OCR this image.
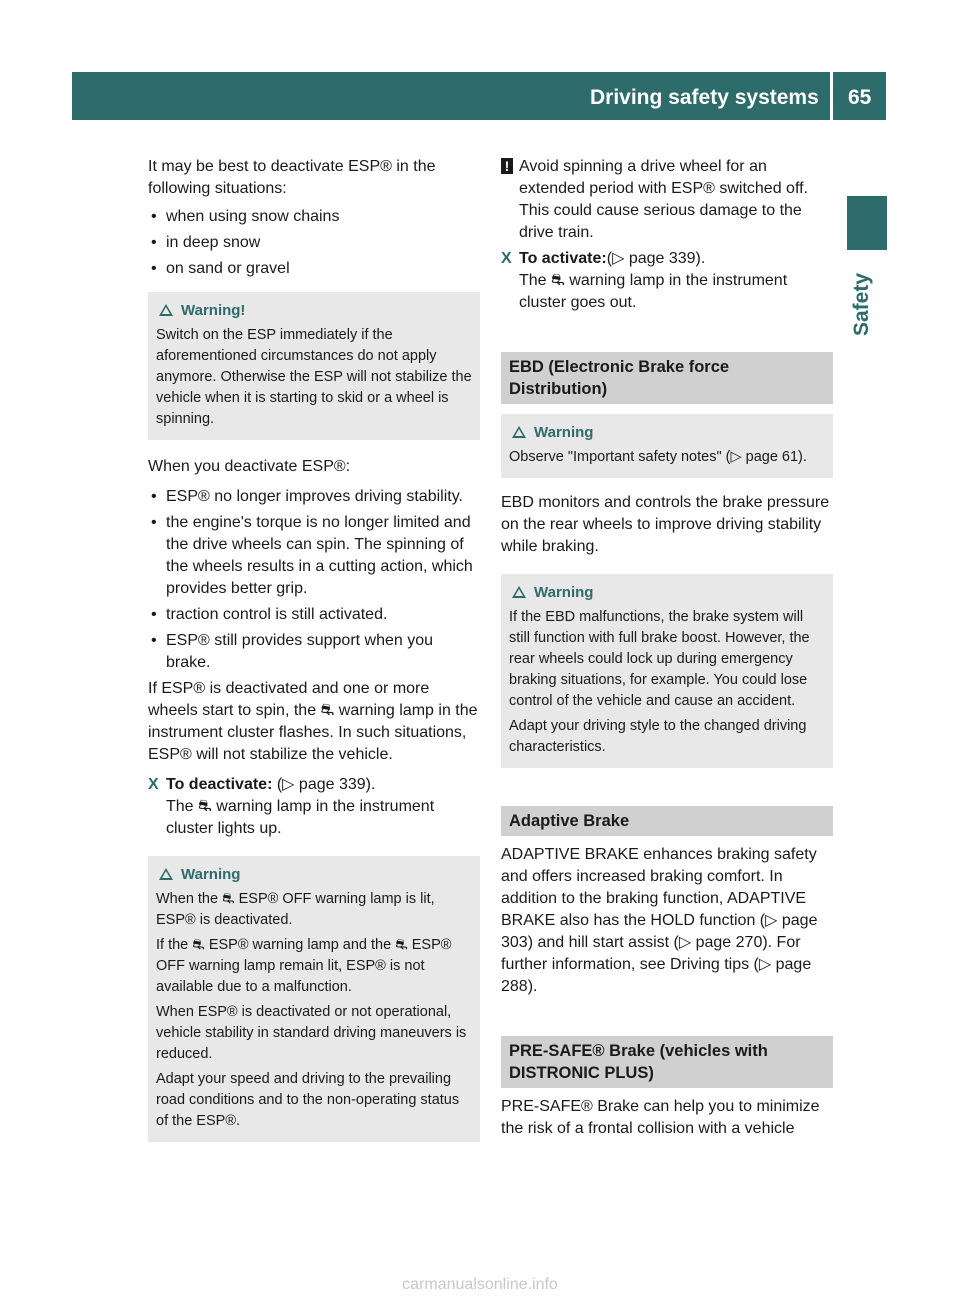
Driving safety systems 65
Safety

It may be best to deactivate ESP® in the following situations:

• when using snow chains

• in deep snow

• on sand or gravel

Warning!

Switch on the ESP immediately if the aforementioned circumstances do not apply anymore. Otherwise the ESP will not stabilize the vehicle when it is starting to skid or a wheel is spinning.

When you deactivate ESP®:

• ESP® no longer improves driving stability.

• the engine's torque is no longer limited and the drive wheels can spin. The spinning of the wheels results in a cutting action, which provides better grip.

• traction control is still activated.

• ESP® still provides support when you brake.

If ESP® is deactivated and one or more wheels start to spin, the ⛐ warning lamp in the instrument cluster flashes. In such situations, ESP® will not stabilize the vehicle.

X To deactivate: (▷ page 339).

The ⛐ warning lamp in the instrument cluster lights up.

Warning

When the ⛐ ESP® OFF warning lamp is lit, ESP® is deactivated.

If the ⛐ ESP® warning lamp and the ⛐ ESP® OFF warning lamp remain lit, ESP® is not available due to a malfunction.

When ESP® is deactivated or not operational, vehicle stability in standard driving maneuvers is reduced.

Adapt your speed and driving to the prevailing road conditions and to the non-operating status of the ESP®.

! Avoid spinning a drive wheel for an extended period with ESP® switched off. This could cause serious damage to the drive train.

X To activate:(▷ page 339).

The ⛐ warning lamp in the instrument cluster goes out.

EBD (Electronic Brake force Distribution)

Warning

Observe "Important safety notes" (▷ page 61).

EBD monitors and controls the brake pressure on the rear wheels to improve driving stability while braking.

Warning

If the EBD malfunctions, the brake system will still function with full brake boost. However, the rear wheels could lock up during emergency braking situations, for example. You could lose control of the vehicle and cause an accident.

Adapt your driving style to the changed driving characteristics.

Adaptive Brake

ADAPTIVE BRAKE enhances braking safety and offers increased braking comfort. In addition to the braking function, ADAPTIVE BRAKE also has the HOLD function (▷ page 303) and hill start assist (▷ page 270). For further information, see Driving tips (▷ page 288).

PRE-SAFE® Brake (vehicles with DISTRONIC PLUS)

PRE-SAFE® Brake can help you to minimize the risk of a frontal collision with a vehicle

carmanualsonline.info
